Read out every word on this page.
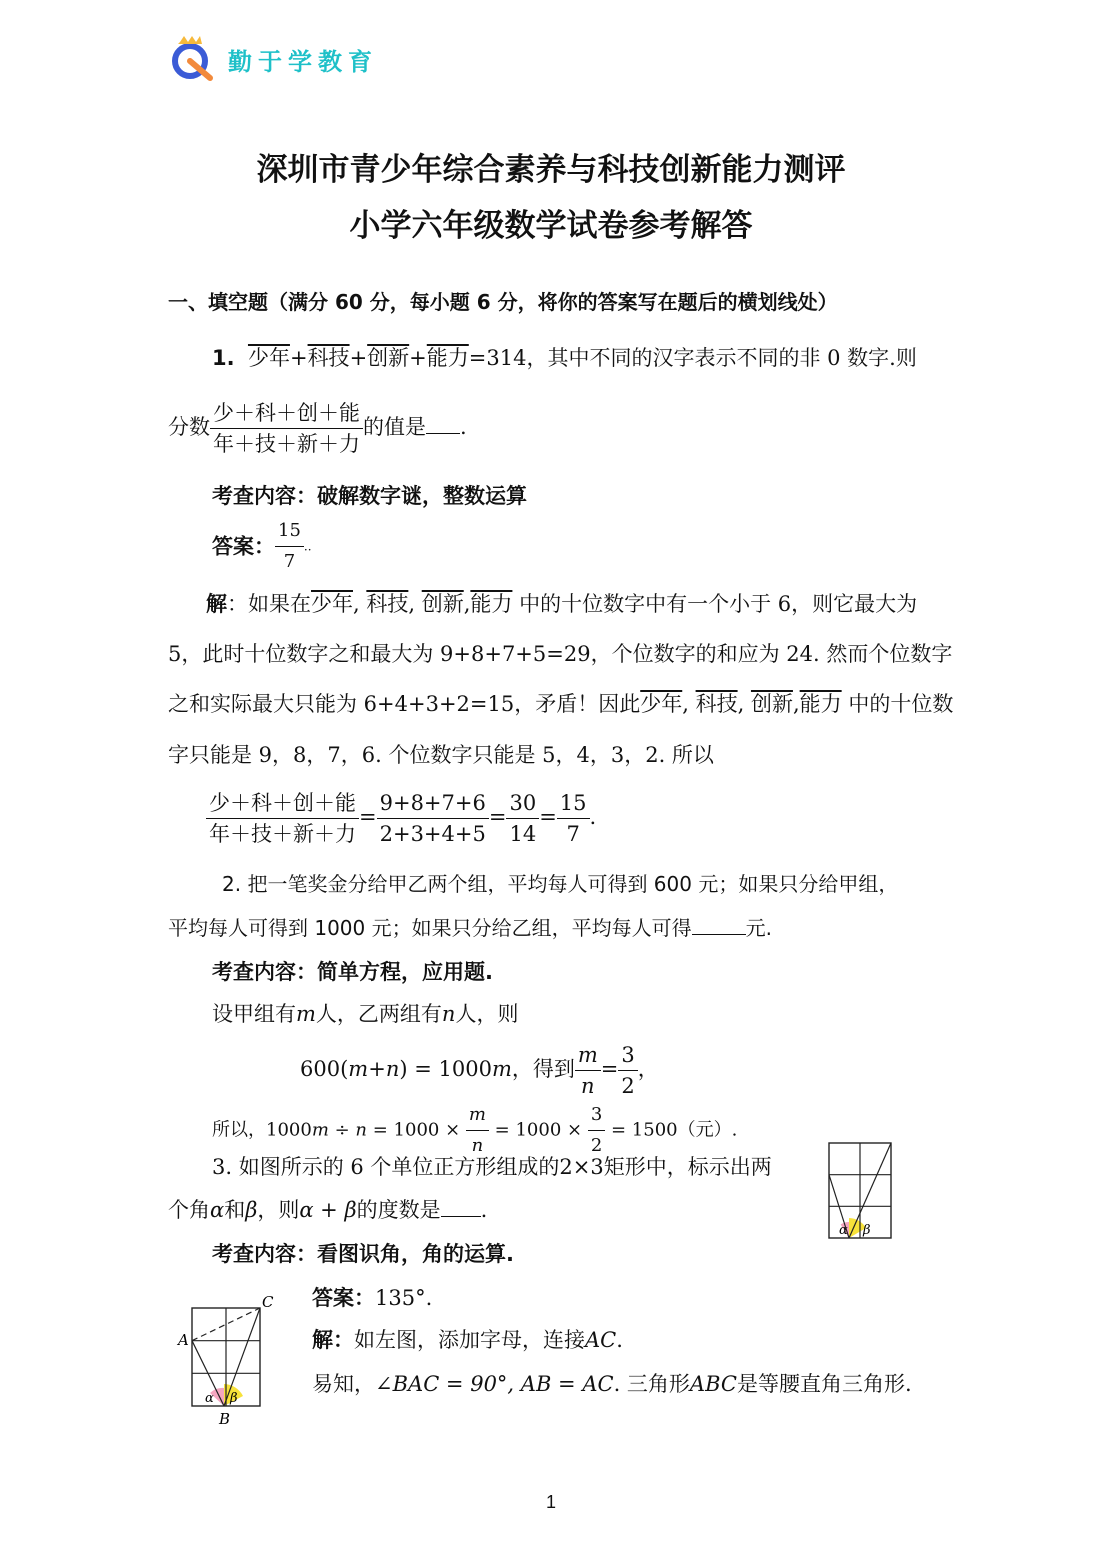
勤于学教育
深圳市青少年综合素养与科技创新能力测评
小学六年级数学试卷参考解答
一、填空题（满分 60 分，每小题 6 分，将你的答案写在题后的横划线处）
1. 少年+科技+创新+能力=314，其中不同的汉字表示不同的非 0 数字.则
分数 $\frac{\text{少＋科＋创＋能}}{\text{年＋技＋新＋力}}$ 的值是 .
考查内容：破解数字谜，整数运算
答案： $\frac{15}{7}$ ..
解：如果在少年, 科技, 创新,能力 中的十位数字中有一个小于 6，则它最大为
5，此时十位数字之和最大为 9+8+7+5=29，个位数字的和应为 24. 然而个位数字
之和实际最大只能为 6+4+3+2=15，矛盾！因此少年, 科技, 创新,能力 中的十位数
字只能是 9，8，7，6. 个位数字只能是 5，4，3，2. 所以
$\frac{\text{少＋科＋创＋能}}{\text{年＋技＋新＋力}} = \frac{9+8+7+6}{2+3+4+5} = \frac{30}{14} = \frac{15}{7}$ .
2. 把一笔奖金分给甲乙两个组，平均每人可得到 600 元；如果只分给甲组，
平均每人可得到 1000 元；如果只分给乙组，平均每人可得	元.
考查内容：简单方程，应用题.
设甲组有m人，乙两组有n人，则
600(m+n) = 1000m，得到 $\frac{m}{n} = \frac{3}{2}$ ，
所以，$1000m \div n = 1000 \times \frac{m}{n} = 1000 \times \frac{3}{2} = 1500$（元）.
3. 如图所示的 6 个单位正方形组成的2×3矩形中，标示出两
个角α和β，则α + β的度数是 .
α β
考查内容：看图识角，角的运算.
A
C
B
α β
答案：135°.
解：如左图，添加字母，连接AC.
易知，∠BAC = 90°, AB = AC. 三角形ABC是等腰直角三角形.
1
